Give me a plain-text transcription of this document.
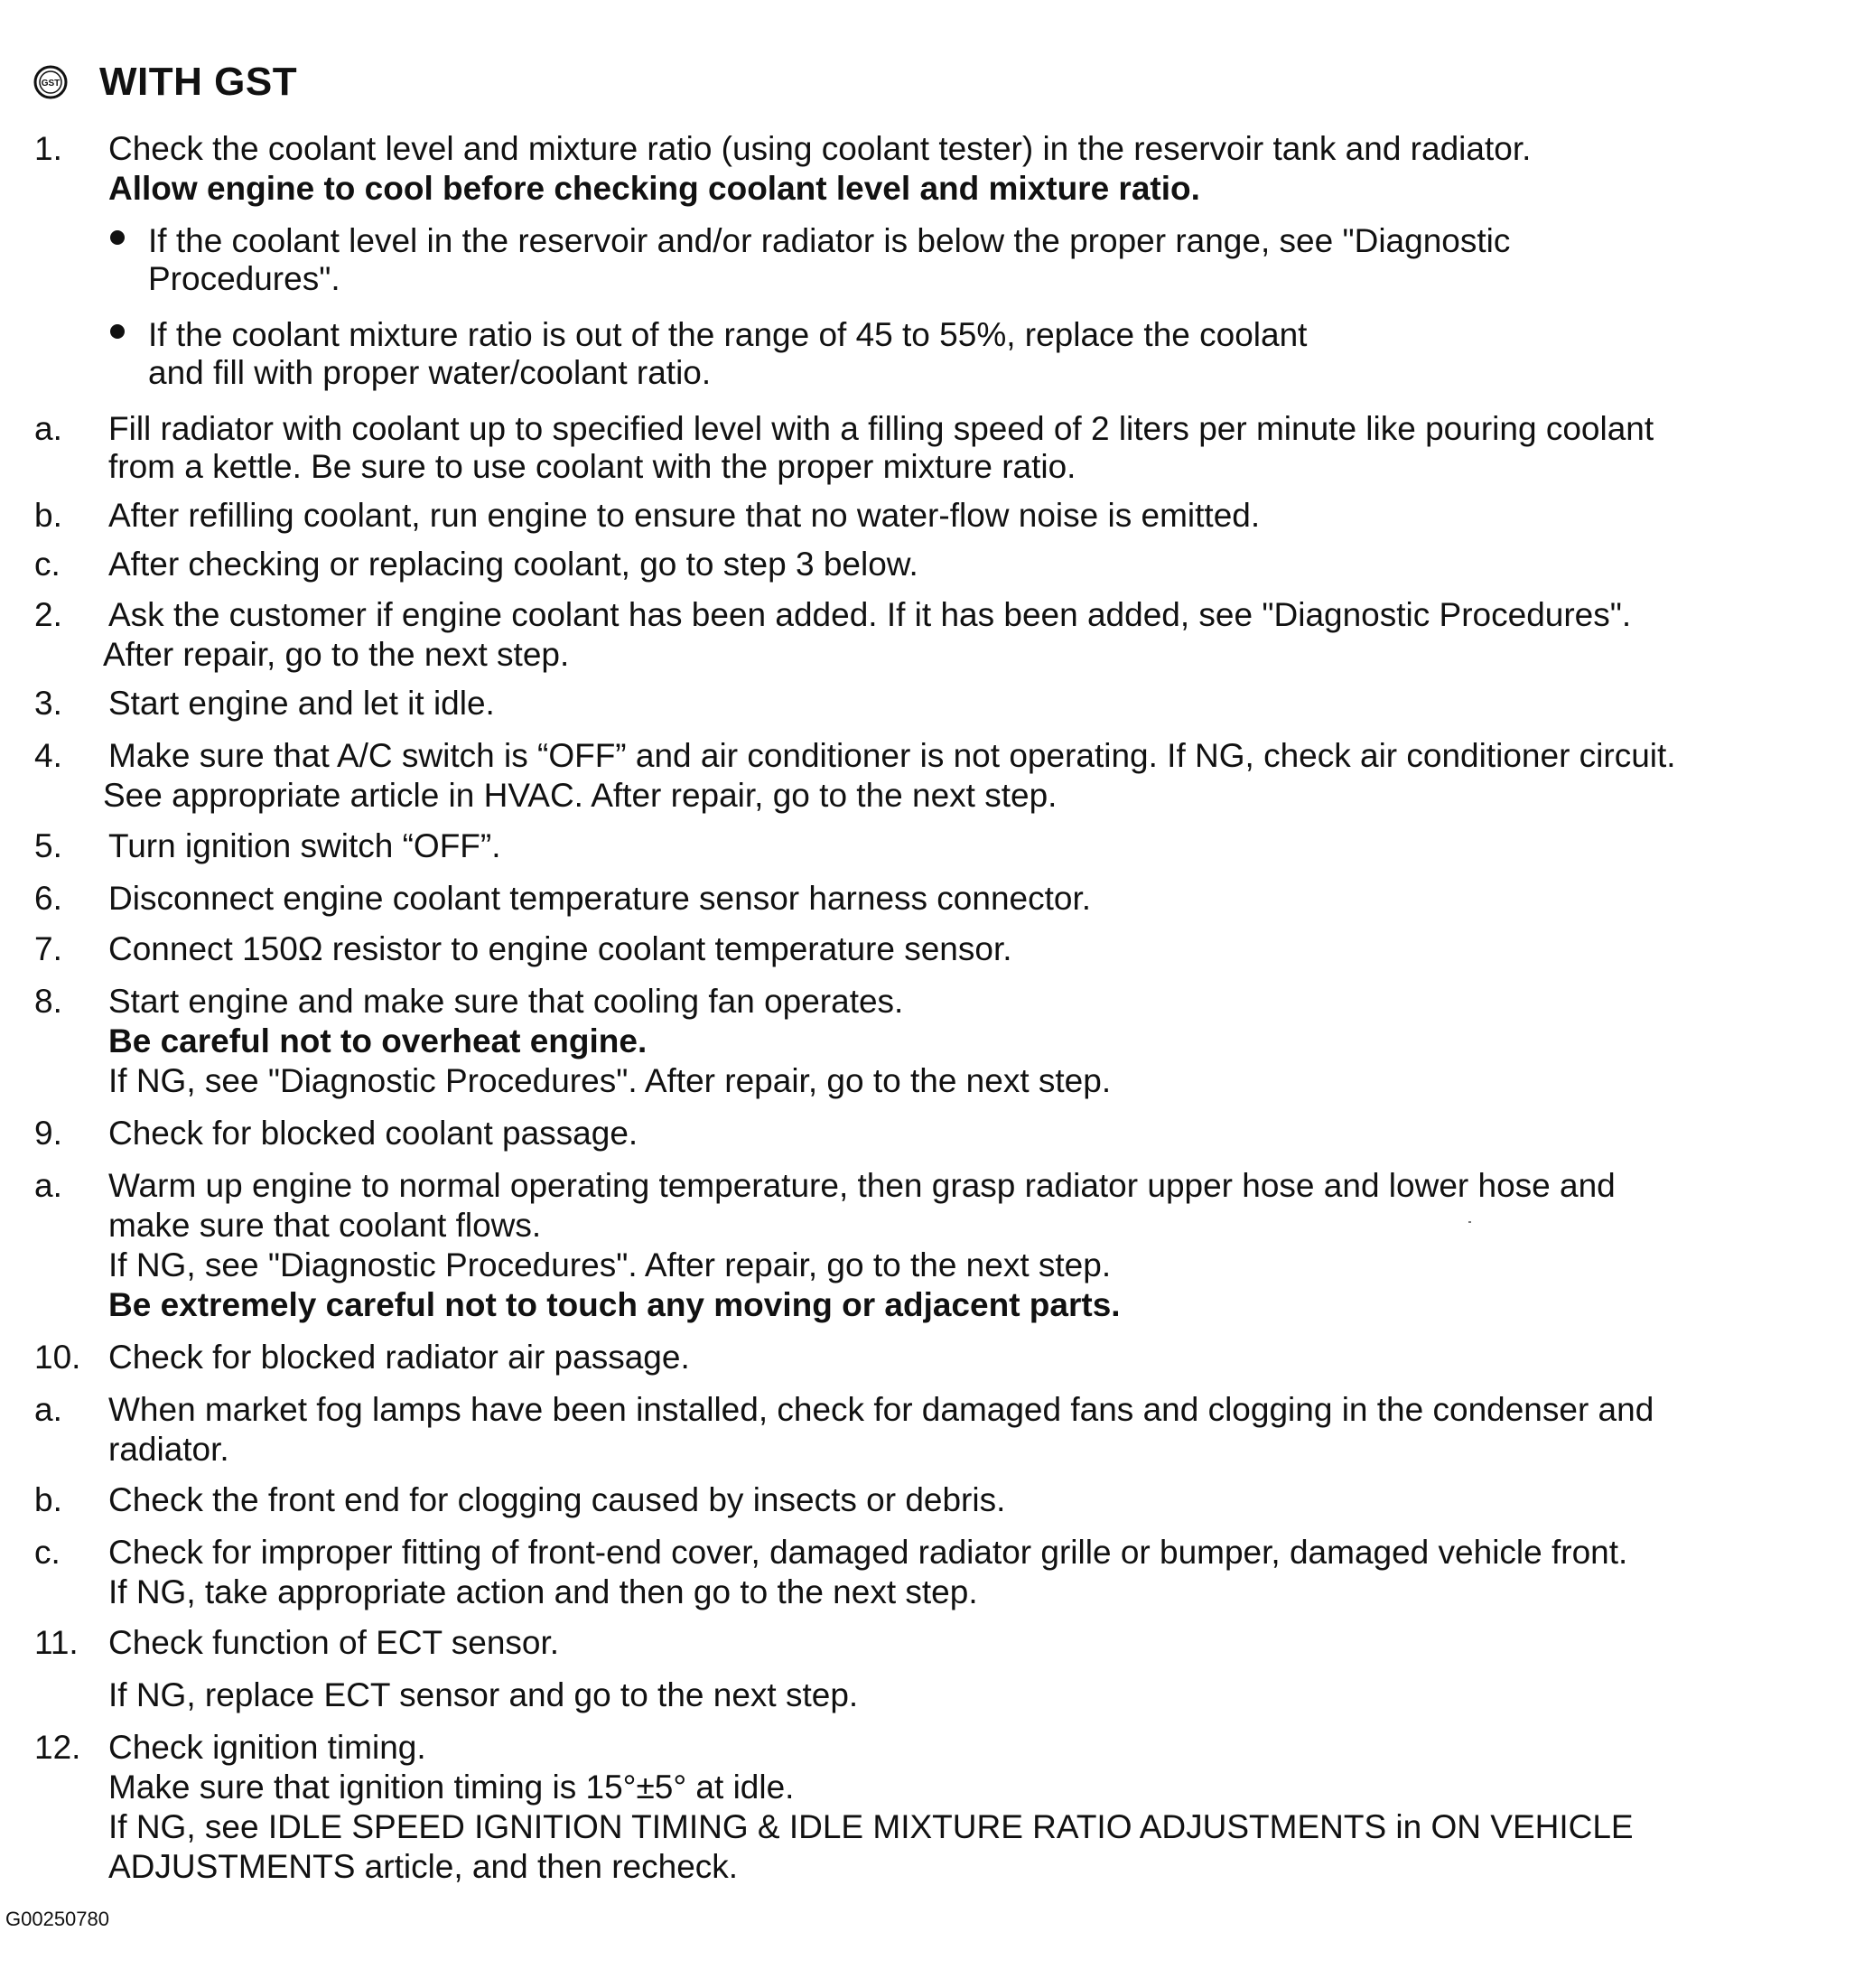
GST WITH GST
1. Check the coolant level and mixture ratio (using coolant tester) in the reservoir tank and radiator.
Allow engine to cool before checking coolant level and mixture ratio.
If the coolant level in the reservoir and/or radiator is below the proper range, see "Diagnostic
Procedures".
If the coolant mixture ratio is out of the range of 45 to 55%, replace the coolant
and fill with proper water/coolant ratio.
a. Fill radiator with coolant up to specified level with a filling speed of 2 liters per minute like pouring coolant
from a kettle. Be sure to use coolant with the proper mixture ratio.
b. After refilling coolant, run engine to ensure that no water-flow noise is emitted.
c. After checking or replacing coolant, go to step 3 below.
2. Ask the customer if engine coolant has been added. If it has been added, see "Diagnostic Procedures".
After repair, go to the next step.
3. Start engine and let it idle.
4. Make sure that A/C switch is “OFF” and air conditioner is not operating. If NG, check air conditioner circuit.
See appropriate article in HVAC. After repair, go to the next step.
5. Turn ignition switch “OFF”.
6. Disconnect engine coolant temperature sensor harness connector.
7. Connect 150Ω resistor to engine coolant temperature sensor.
8. Start engine and make sure that cooling fan operates.
Be careful not to overheat engine.
If NG, see "Diagnostic Procedures". After repair, go to the next step.
9. Check for blocked coolant passage.
a. Warm up engine to normal operating temperature, then grasp radiator upper hose and lower hose and
make sure that coolant flows.
If NG, see "Diagnostic Procedures". After repair, go to the next step.
Be extremely careful not to touch any moving or adjacent parts.
10. Check for blocked radiator air passage.
a. When market fog lamps have been installed, check for damaged fans and clogging in the condenser and
radiator.
b. Check the front end for clogging caused by insects or debris.
c. Check for improper fitting of front-end cover, damaged radiator grille or bumper, damaged vehicle front.
If NG, take appropriate action and then go to the next step.
11. Check function of ECT sensor.
If NG, replace ECT sensor and go to the next step.
12. Check ignition timing.
Make sure that ignition timing is 15°±5° at idle.
If NG, see IDLE SPEED IGNITION TIMING & IDLE MIXTURE RATIO ADJUSTMENTS in ON VEHICLE
ADJUSTMENTS article, and then recheck.
G00250780
